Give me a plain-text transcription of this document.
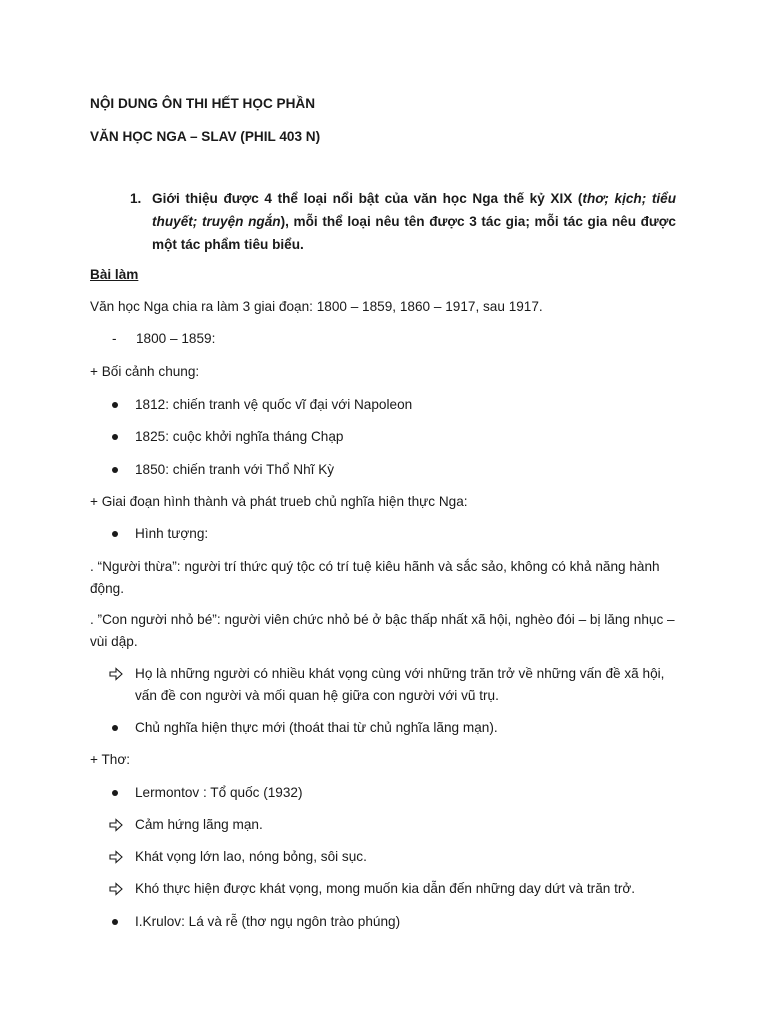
NỘI DUNG ÔN THI HẾT HỌC PHẦN
VĂN HỌC NGA – SLAV (PHIL 403 N)
1. Giới thiệu được 4 thể loại nổi bật của văn học Nga thế kỷ XIX (thơ; kịch; tiểu thuyết; truyện ngắn), mỗi thể loại nêu tên được 3 tác gia; mỗi tác gia nêu được một tác phẩm tiêu biểu.
Bài làm
Văn học Nga chia ra làm 3 giai đoạn: 1800 – 1859, 1860 – 1917, sau 1917.
- 1800 – 1859:
+ Bối cảnh chung:
1812: chiến tranh vệ quốc vĩ đại với Napoleon
1825: cuộc khởi nghĩa tháng Chạp
1850: chiến tranh với Thổ Nhĩ Kỳ
+ Giai đoạn hình thành và phát trueb chủ nghĩa hiện thực Nga:
Hình tượng:
. “Người thừa”: người trí thức quý tộc có trí tuệ kiêu hãnh và sắc sảo, không có khả năng hành động.
. ”Con người nhỏ bé”: người viên chức nhỏ bé ở bậc thấp nhất xã hội, nghèo đói – bị lăng nhục – vùi dập.
Họ là những người có nhiều khát vọng cùng với những trăn trở về những vấn đề xã hội, vấn đề con người và mối quan hệ giữa con người với vũ trụ.
Chủ nghĩa hiện thực mới (thoát thai từ chủ nghĩa lãng mạn).
+ Thơ:
Lermontov : Tổ quốc (1932)
Cảm hứng lãng mạn.
Khát vọng lớn lao, nóng bỏng, sôi sục.
Khó thực hiện được khát vọng, mong muốn kia dẫn đến những day dứt và trăn trở.
I.Krulov: Lá và rễ (thơ ngụ ngôn trào phúng)
